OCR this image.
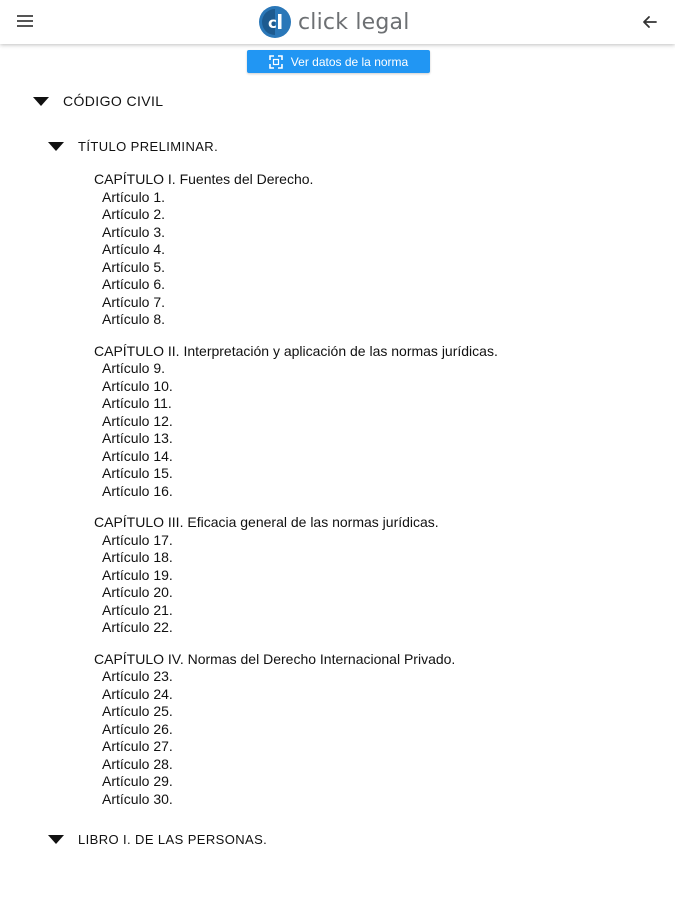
c click legal
Ver datos de la norma
CÓDIGO CIVIL
TÍTULO PRELIMINAR.
CAPÍTULO I. Fuentes del Derecho.
Artículo 1.
Artículo 2.
Artículo 3.
Artículo 4.
Artículo 5.
Artículo 6.
Artículo 7.
Artículo 8.
CAPÍTULO II. Interpretación y aplicación de las normas jurídicas.
Artículo 9.
Artículo 10.
Artículo 11.
Artículo 12.
Artículo 13.
Artículo 14.
Artículo 15.
Artículo 16.
CAPÍTULO III. Eficacia general de las normas jurídicas.
Artículo 17.
Artículo 18.
Artículo 19.
Artículo 20.
Artículo 21.
Artículo 22.
CAPÍTULO IV. Normas del Derecho Internacional Privado.
Artículo 23.
Artículo 24.
Artículo 25.
Artículo 26.
Artículo 27.
Artículo 28.
Artículo 29.
Artículo 30.
LIBRO I. DE LAS PERSONAS.
